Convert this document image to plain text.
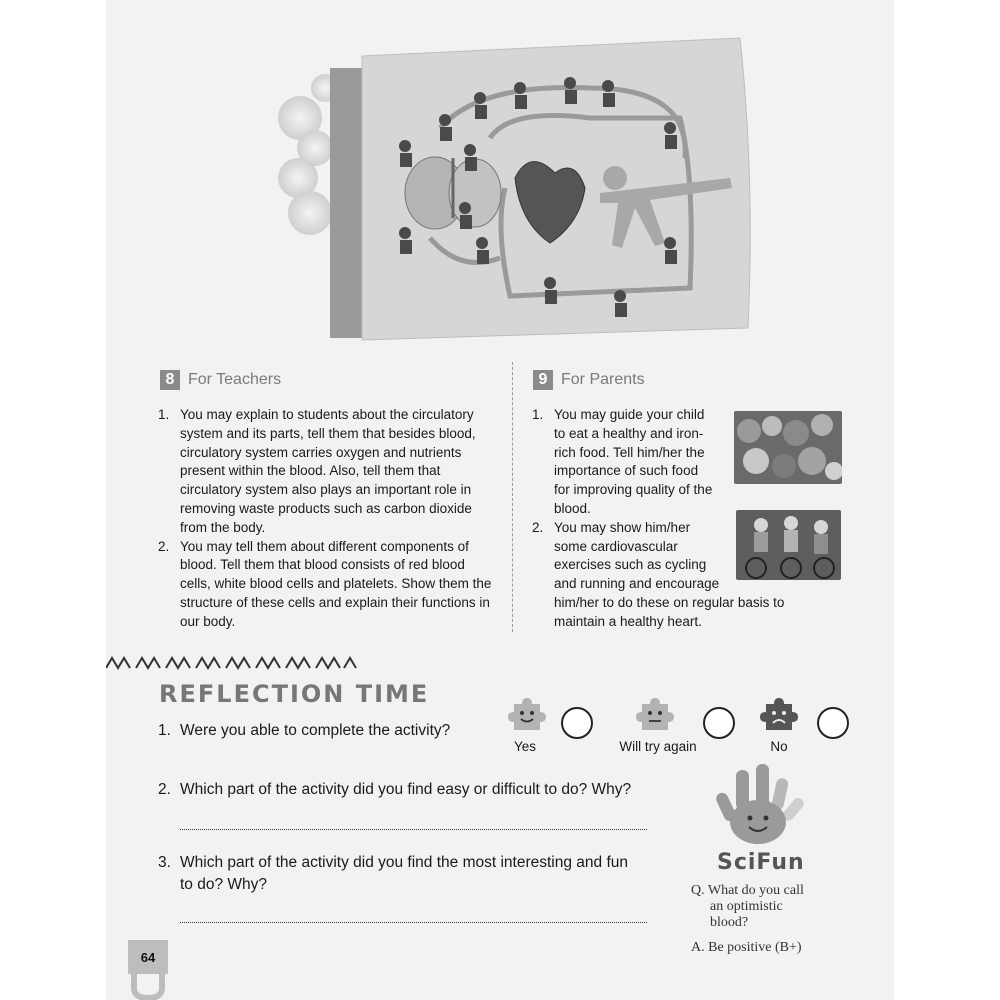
8 For Teachers
1. You may explain to students about the circulatory
system and its parts, tell them that besides blood,
circulatory system carries oxygen and nutrients
present within the blood. Also, tell them that
circulatory system also plays an important role in
removing waste products such as carbon dioxide
from the body.
2. You may tell them about different components of
blood. Tell them that blood consists of red blood
cells, white blood cells and platelets. Show them the
structure of these cells and explain their functions in
our body.
9 For Parents
1. You may guide your child
to eat a healthy and iron-
rich food. Tell him/her the
importance of such food
for improving quality of the
blood.
2. You may show him/her
some cardiovascular
exercises such as cycling
and running and encourage
him/her to do these on regular basis to
maintain a healthy heart.
REFLECTION TIME
1. Were you able to complete the activity?
Yes	Will try again	No
2. Which part of the activity did you find easy or difficult to do? Why?
3. Which part of the activity did you find the most interesting and fun
to do? Why?
SciFun
Q. What do you call
an optimistic
blood?
A. Be positive (B+)
64
